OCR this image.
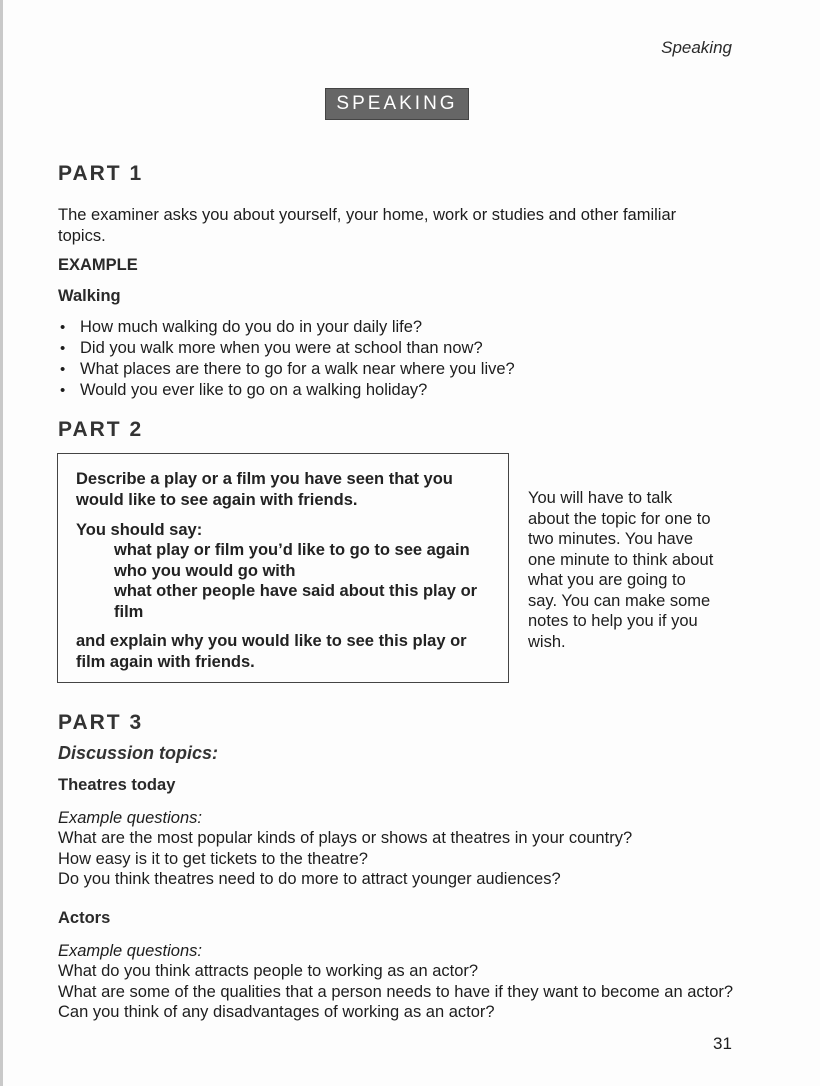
Speaking
SPEAKING
PART 1
The examiner asks you about yourself, your home, work or studies and other familiar topics.
EXAMPLE
Walking
• How much walking do you do in your daily life?
• Did you walk more when you were at school than now?
• What places are there to go for a walk near where you live?
• Would you ever like to go on a walking holiday?
PART 2
Describe a play or a film you have seen that you would like to see again with friends.
You should say:
what play or film you’d like to go to see again
who you would go with
what other people have said about this play or film
and explain why you would like to see this play or film again with friends.
You will have to talk about the topic for one to two minutes. You have one minute to think about what you are going to say. You can make some notes to help you if you wish.
PART 3
Discussion topics:
Theatres today
Example questions:
What are the most popular kinds of plays or shows at theatres in your country?
How easy is it to get tickets to the theatre?
Do you think theatres need to do more to attract younger audiences?
Actors
Example questions:
What do you think attracts people to working as an actor?
What are some of the qualities that a person needs to have if they want to become an actor? Can you think of any disadvantages of working as an actor?
31
